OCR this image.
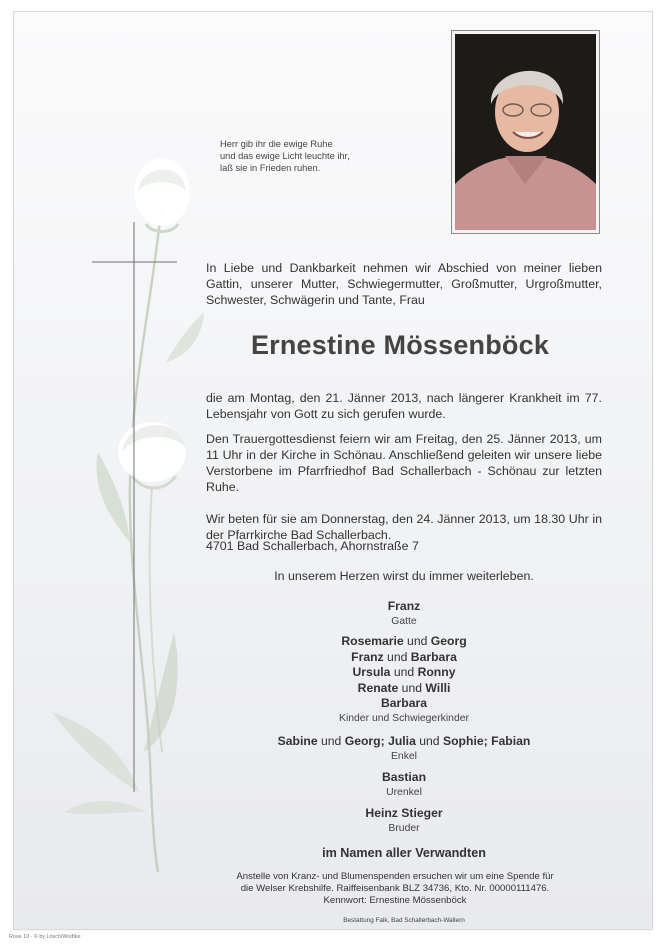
Herr gib ihr die ewige Ruhe
und das ewige Licht leuchte ihr,
laß sie in Frieden ruhen.
In Liebe und Dankbarkeit nehmen wir Abschied von meiner lieben Gattin, unserer Mutter, Schwiegermutter, Großmutter, Urgroßmutter, Schwester, Schwägerin und Tante, Frau
Ernestine Mössenböck
die am Montag, den 21. Jänner 2013, nach längerer Krankheit im 77. Lebensjahr von Gott zu sich gerufen wurde.
Den Trauergottesdienst feiern wir am Freitag, den 25. Jänner 2013, um 11 Uhr in der Kirche in Schönau. Anschließend geleiten wir unsere liebe Verstorbene im Pfarrfriedhof Bad Schallerbach - Schönau zur letzten Ruhe.
Wir beten für sie am Donnerstag, den 24. Jänner 2013, um 18.30 Uhr in der Pfarrkirche Bad Schallerbach.
4701 Bad Schallerbach, Ahornstraße 7
In unserem Herzen wirst du immer weiterleben.
Franz
Gatte
Rosemarie und Georg
Franz und Barbara
Ursula und Ronny
Renate und Willi
Barbara
Kinder und Schwiegerkinder
Sabine und Georg; Julia und Sophie; Fabian
Enkel
Bastian
Urenkel
Heinz Stieger
Bruder
im Namen aller Verwandten
Anstelle von Kranz- und Blumenspenden ersuchen wir um eine Spende für
die Welser Krebshilfe. Raiffeisenbank BLZ 34736, Kto. Nr. 00000111476.
Kennwort: Ernestine Mössenböck
Bestattung Falk, Bad Schallerbach-Wallern
Rose 10 - © by Lösch/Wodtke
